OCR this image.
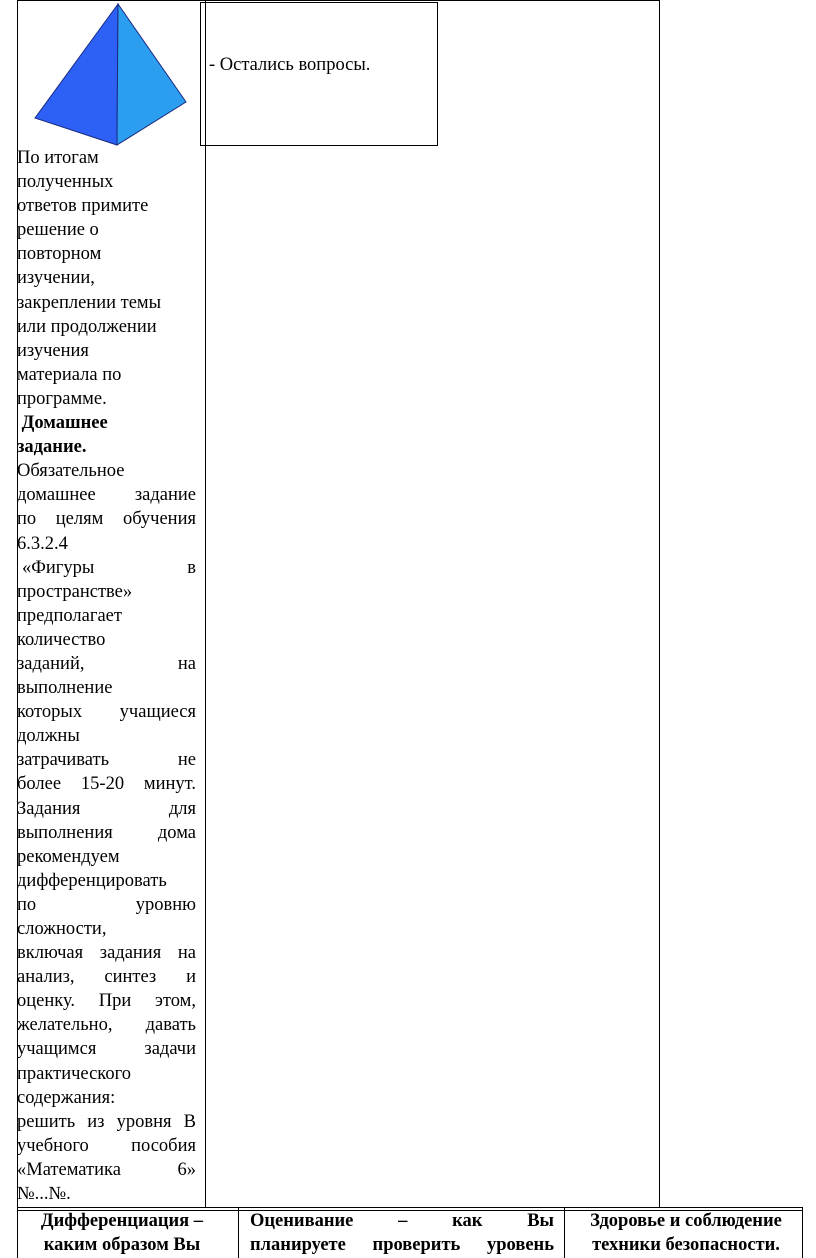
- Остались вопросы.

По итогам

полученных

ответов примите

решение о

повторном

изучении,

закреплении темы

или продолжении

изучения

материала по

программе.

Домашнее

задание.

Обязательное

домашнее задание

по целям обучения

6.3.2.4

«Фигуры в

пространстве»

предполагает

количество

заданий, на

выполнение

которых учащиеся

должны

затрачивать не

более 15-20 минут.

Задания для

выполнения дома

рекомендуем

дифференцировать

по уровню

сложности,

включая задания на

анализ, синтез и

оценку. При этом,

желательно, давать

учащимся задачи

практического

содержания:

решить из уровня В

учебного пособия

«Математика 6»

№...№.

Дифференциация –
каким образом Вы
Оценивание – как Вы
планируете проверить уровень
Здоровье и соблюдение
техники безопасности.
